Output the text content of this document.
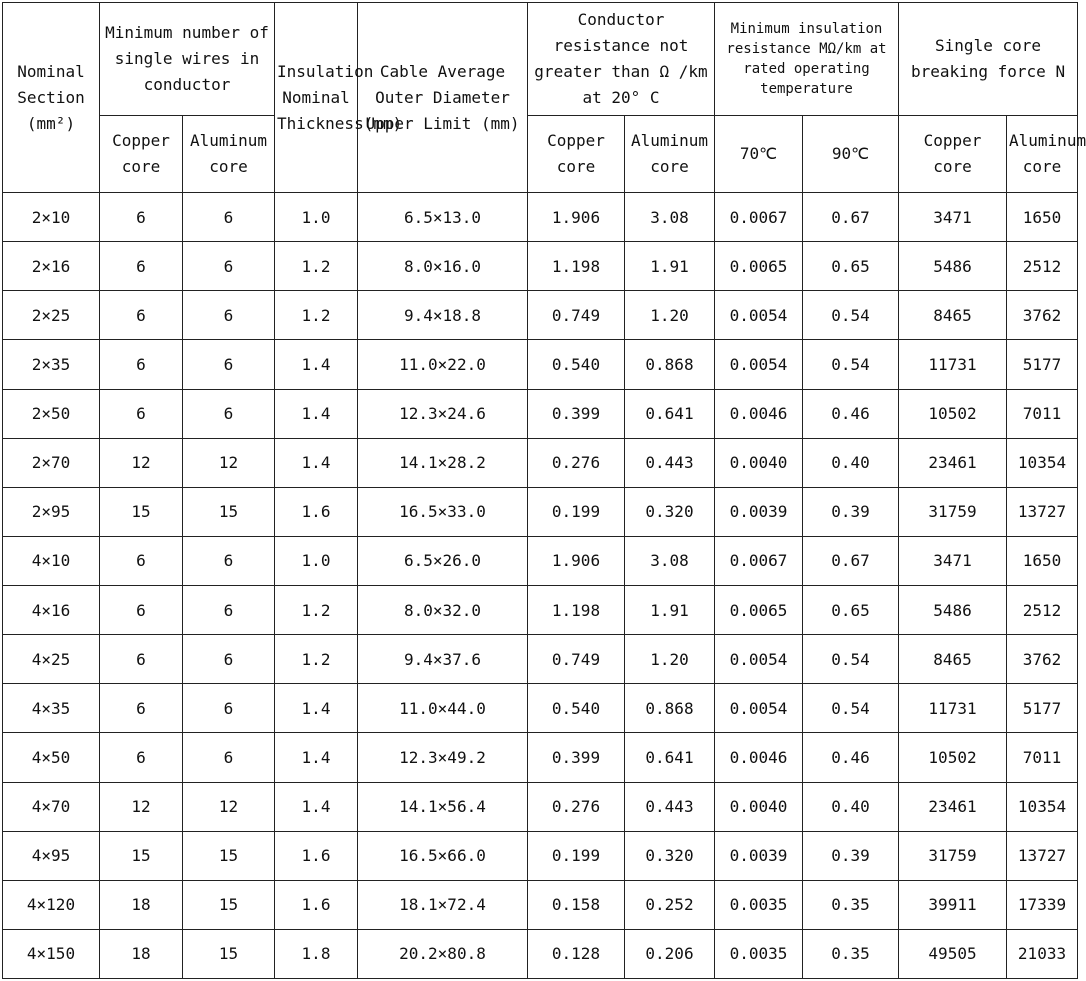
Nominal Section (mm²)	Minimum number of single wires in conductor		Insulation Nominal Thickness(mm)	Cable Average Outer Diameter Upper Limit (mm)	Conductor resistance not greater than Ω /km at 20° C		Minimum insulation resistance MΩ/km at rated operating temperature		Single core breaking force N	
	Copper core	Aluminum core			Copper core	Aluminum core	70℃	90℃	Copper core	Aluminum core
2×10	6	6	1.0	6.5×13.0	1.906	3.08	0.0067	0.67	3471	1650
2×16	6	6	1.2	8.0×16.0	1.198	1.91	0.0065	0.65	5486	2512
2×25	6	6	1.2	9.4×18.8	0.749	1.20	0.0054	0.54	8465	3762
2×35	6	6	1.4	11.0×22.0	0.540	0.868	0.0054	0.54	11731	5177
2×50	6	6	1.4	12.3×24.6	0.399	0.641	0.0046	0.46	10502	7011
2×70	12	12	1.4	14.1×28.2	0.276	0.443	0.0040	0.40	23461	10354
2×95	15	15	1.6	16.5×33.0	0.199	0.320	0.0039	0.39	31759	13727
4×10	6	6	1.0	6.5×26.0	1.906	3.08	0.0067	0.67	3471	1650
4×16	6	6	1.2	8.0×32.0	1.198	1.91	0.0065	0.65	5486	2512
4×25	6	6	1.2	9.4×37.6	0.749	1.20	0.0054	0.54	8465	3762
4×35	6	6	1.4	11.0×44.0	0.540	0.868	0.0054	0.54	11731	5177
4×50	6	6	1.4	12.3×49.2	0.399	0.641	0.0046	0.46	10502	7011
4×70	12	12	1.4	14.1×56.4	0.276	0.443	0.0040	0.40	23461	10354
4×95	15	15	1.6	16.5×66.0	0.199	0.320	0.0039	0.39	31759	13727
4×120	18	15	1.6	18.1×72.4	0.158	0.252	0.0035	0.35	39911	17339
4×150	18	15	1.8	20.2×80.8	0.128	0.206	0.0035	0.35	49505	21033
